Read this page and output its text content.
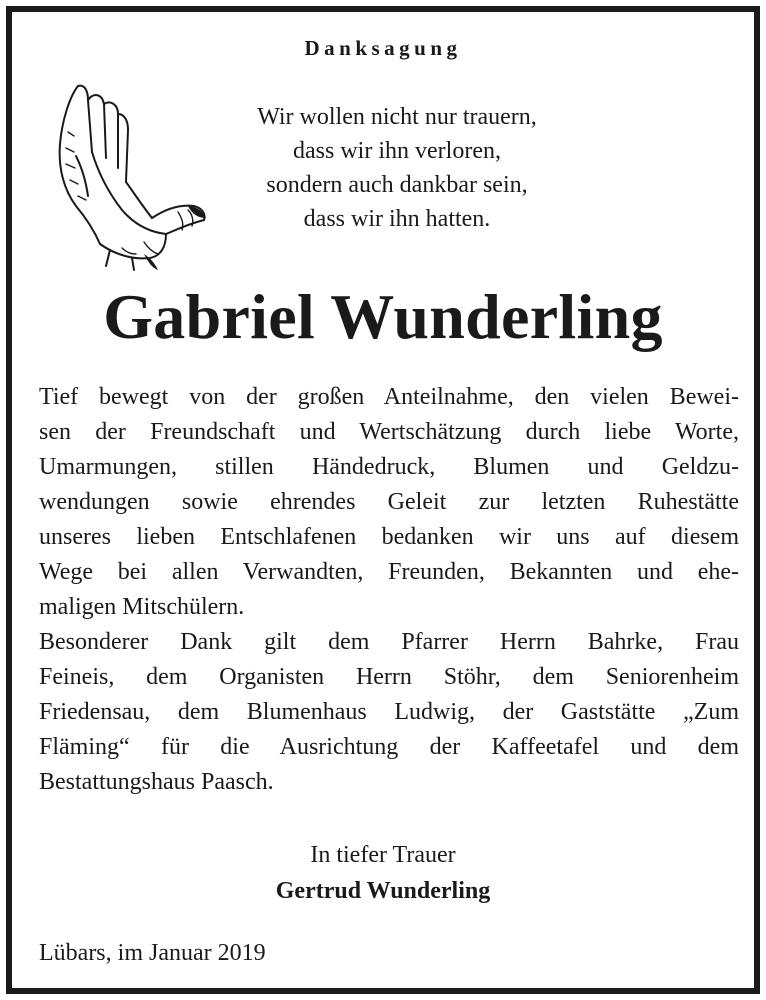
Danksagung
Wir wollen nicht nur trauern,
dass wir ihn verloren,
sondern auch dankbar sein,
dass wir ihn hatten.
Gabriel Wunderling
Tief bewegt von der großen Anteilnahme, den vielen Bewei-
sen der Freundschaft und Wertschätzung durch liebe Worte,
Umarmungen, stillen Händedruck, Blumen und Geldzu-
wendungen sowie ehrendes Geleit zur letzten Ruhestätte
unseres lieben Entschlafenen bedanken wir uns auf diesem
Wege bei allen Verwandten, Freunden, Bekannten und ehe-
maligen Mitschülern.
Besonderer Dank gilt dem Pfarrer Herrn Bahrke, Frau
Feineis, dem Organisten Herrn Stöhr, dem Seniorenheim
Friedensau, dem Blumenhaus Ludwig, der Gaststätte „Zum
Fläming“ für die Ausrichtung der Kaffeetafel und dem
Bestattungshaus Paasch.
In tiefer Trauer
Gertrud Wunderling
Lübars, im Januar 2019
